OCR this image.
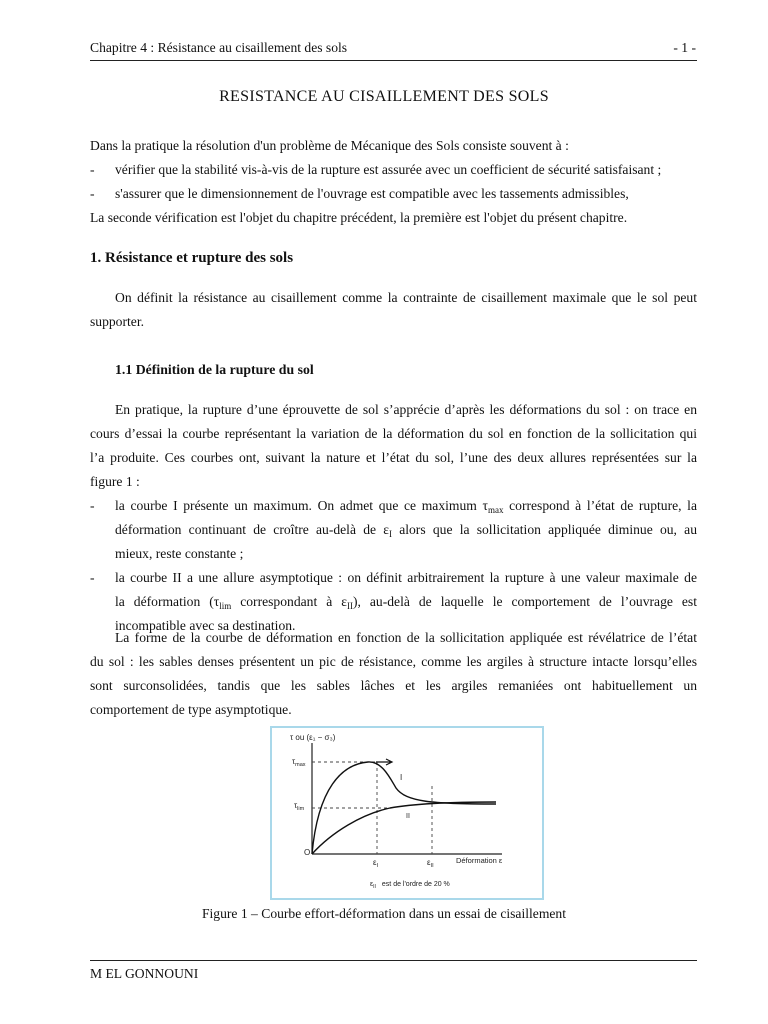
Chapitre 4 : Résistance au cisaillement des sols	- 1 -
RESISTANCE AU CISAILLEMENT DES SOLS
Dans la pratique la résolution d'un problème de Mécanique des Sols consiste souvent à :
- vérifier que la stabilité vis-à-vis de la rupture est assurée avec un coefficient de sécurité satisfaisant ;
- s'assurer que le dimensionnement de l'ouvrage est compatible avec les tassements admissibles,
La seconde vérification est l'objet du chapitre précédent, la première est l'objet du présent chapitre.
1. Résistance et rupture des sols
On définit la résistance au cisaillement comme la contrainte de cisaillement maximale que le sol peut
supporter.
1.1 Définition de la rupture du sol
En pratique, la rupture d’une éprouvette de sol s’apprécie d’après les déformations du sol : on trace en
cours d’essai la courbe représentant la variation de la déformation du sol en fonction de la sollicitation qui
l’a produite. Ces courbes ont, suivant la nature et l’état du sol, l’une des deux allures représentées sur la
figure 1 :
- la courbe I présente un maximum. On admet que ce maximum $\tau_{max}$ correspond à l’état de rupture, la
déformation continuant de croître au-delà de $\varepsilon_I$ alors que la sollicitation appliquée diminue ou, au
mieux, reste constante ;
- la courbe II a une allure asymptotique : on définit arbitrairement la rupture à une valeur maximale de
la déformation ($\tau_{lim}$ correspondant à $\varepsilon_{II}$), au-delà de laquelle le comportement de l’ouvrage est
incompatible avec sa destination.
La forme de la courbe de déformation en fonction de la sollicitation appliquée est révélatrice de l’état
du sol : les sables denses présentent un pic de résistance, comme les argiles à structure intacte lorsqu’elles
sont surconsolidées, tandis que les sables lâches et les argiles remaniées ont habituellement un
comportement de type asymptotique.
τ ou (ε₁ − σ₃)
$\tau_{max}$
$\tau_{lim}$
I
II
O
$\varepsilon_I$	$\varepsilon_{II}$
Déformation ε
$\varepsilon_{II}$ est de l'ordre de 20 %
Figure 1 – Courbe effort-déformation dans un essai de cisaillement
M EL GONNOUNI
